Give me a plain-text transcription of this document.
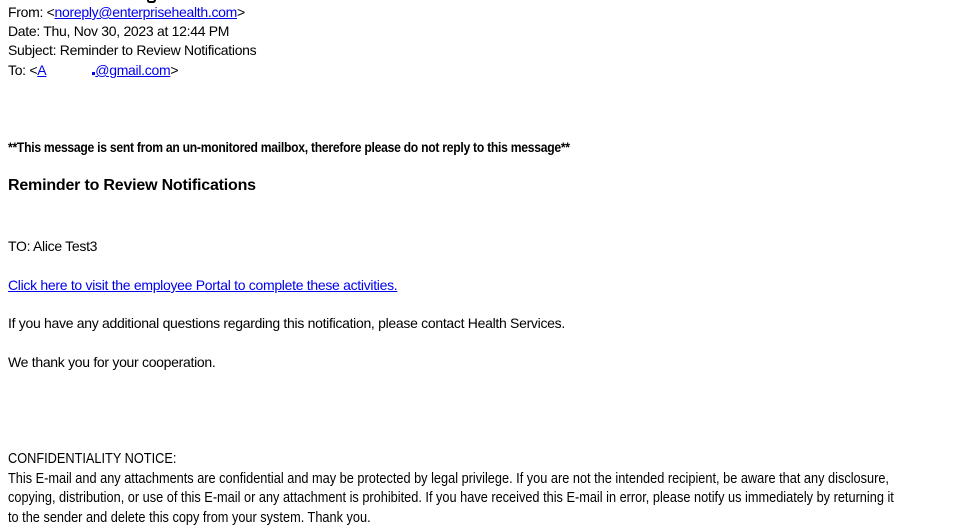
From: <noreply@enterprisehealth.com>
Date: Thu, Nov 30, 2023 at 12:44 PM
Subject: Reminder to Review Notifications
To: <A	@gmail.com>
**This message is sent from an un-monitored mailbox, therefore please do not reply to this message**
Reminder to Review Notifications
TO: Alice Test3
Click here to visit the employee Portal to complete these activities.
If you have any additional questions regarding this notification, please contact Health Services.
We thank you for your cooperation.
CONFIDENTIALITY NOTICE:
This E-mail and any attachments are confidential and may be protected by legal privilege. If you are not the intended recipient, be aware that any disclosure,
copying, distribution, or use of this E-mail or any attachment is prohibited. If you have received this E-mail in error, please notify us immediately by returning it
to the sender and delete this copy from your system. Thank you.
